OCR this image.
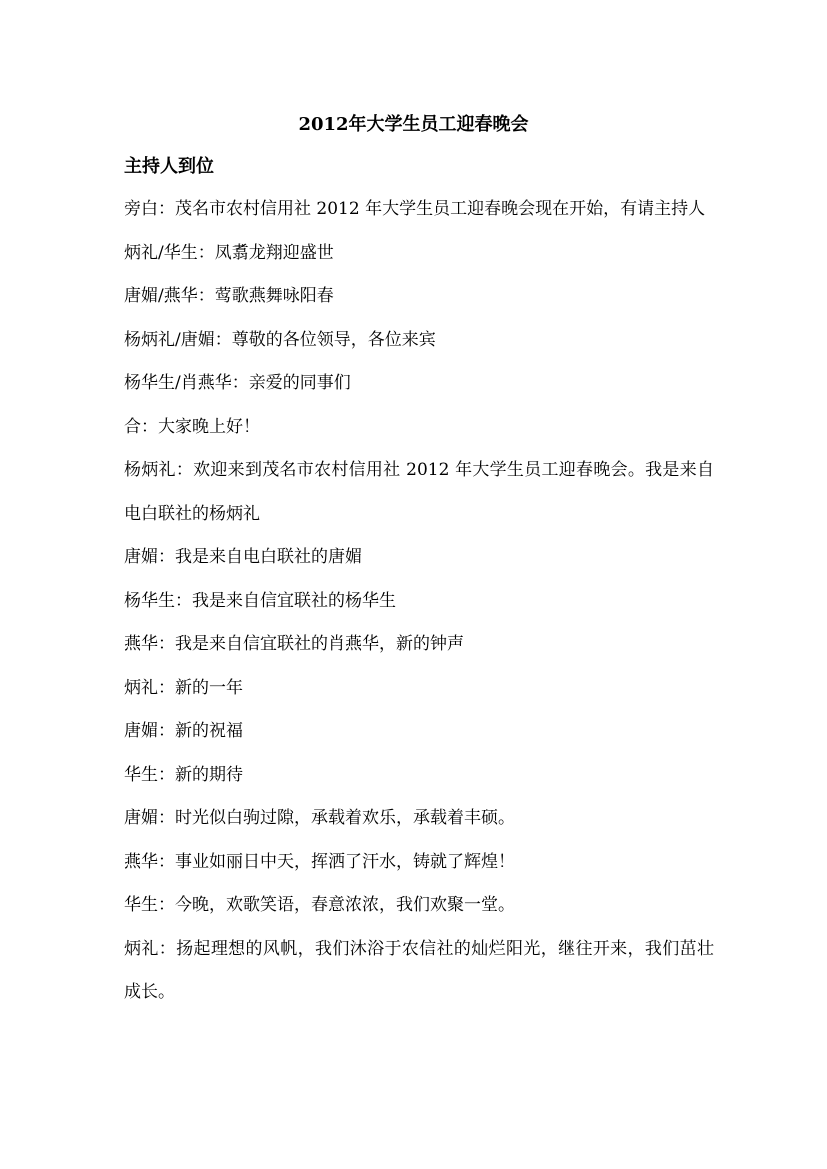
2012年大学生员工迎春晚会
主持人到位

旁白：茂名市农村信用社 2012 年大学生员工迎春晚会现在开始，有请主持人

炳礼/华生：凤翥龙翔迎盛世

唐媚/燕华：莺歌燕舞咏阳春

杨炳礼/唐媚：尊敬的各位领导，各位来宾

杨华生/肖燕华：亲爱的同事们

合：大家晚上好！

杨炳礼：欢迎来到茂名市农村信用社 2012 年大学生员工迎春晚会。我是来自电白联社的杨炳礼

唐媚：我是来自电白联社的唐媚

杨华生：我是来自信宜联社的杨华生

燕华：我是来自信宜联社的肖燕华，新的钟声

炳礼：新的一年

唐媚：新的祝福

华生：新的期待

唐媚：时光似白驹过隙，承载着欢乐，承载着丰硕。

燕华：事业如丽日中天，挥洒了汗水，铸就了辉煌！

华生：今晚，欢歌笑语，春意浓浓，我们欢聚一堂。

炳礼：扬起理想的风帆，我们沐浴于农信社的灿烂阳光，继往开来，我们茁壮成长。
